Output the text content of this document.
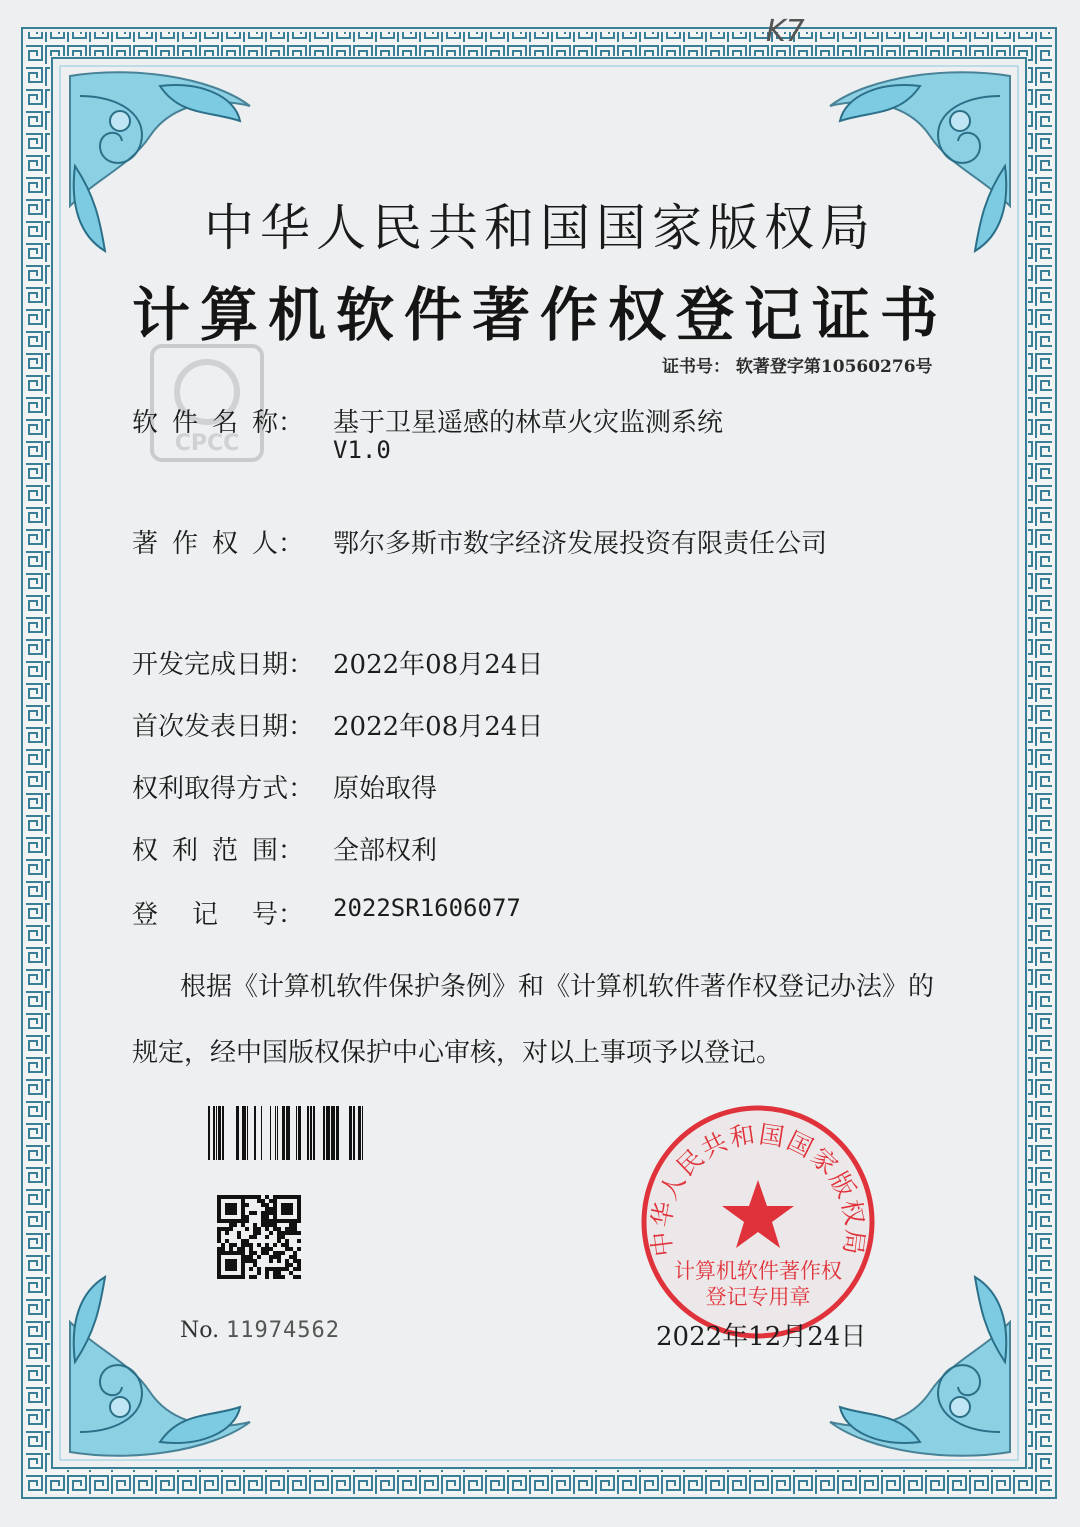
K7
CPCC
中华人民共和国国家版权局
计算机软件著作权登记证书
证书号： 软著登字第10560276号
软 件 名 称： 基于卫星遥感的林草火灾监测系统
V1.0
著 作 权 人： 鄂尔多斯市数字经济发展投资有限责任公司
开 发 完 成 日 期： 2022年08月24日
首 次 发 表 日 期： 2022年08月24日
权 利 取 得 方 式： 原始取得
权 利 范 围： 全部权利
登 记 号： 2022SR1606077
根据《计算机软件保护条例》和《计算机软件著作权登记办法》的
规定，经中国版权保护中心审核，对以上事项予以登记。
No. 11974562
中华人民共和国国家版权局
计算机软件著作权
登记专用章
2022年12月24日
